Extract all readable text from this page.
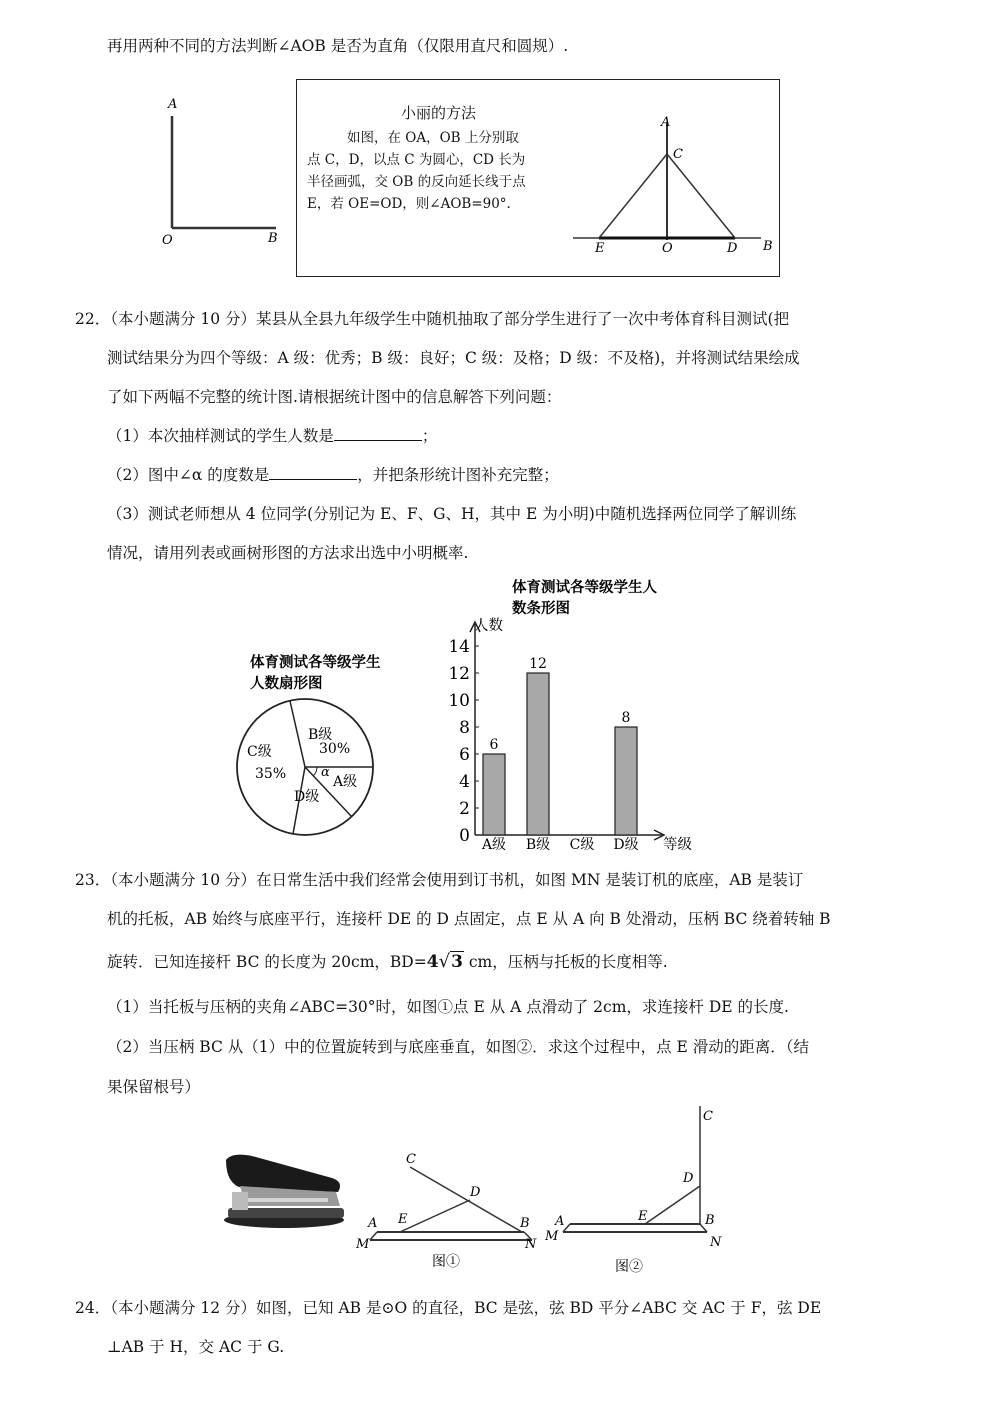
再用两种不同的方法判断∠AOB 是否为直角（仅限用直尺和圆规）.
A
O	B
小丽的方法
如图，在 OA，OB 上分别取
点 C，D，以点 C 为圆心，CD 长为
半径画弧，交 OB 的反向延长线于点
E，若 OE=OD，则∠AOB=90°.
A
C
E	O	D B
22．（本小题满分 10 分）某县从全县九年级学生中随机抽取了部分学生进行了一次中考体育科目测试(把
测试结果分为四个等级：A 级：优秀；B 级：良好；C 级：及格；D 级：不及格)，并将测试结果绘成
了如下两幅不完整的统计图.请根据统计图中的信息解答下列问题：
（1）本次抽样测试的学生人数是	；
（2）图中∠α 的度数是	，并把条形统计图补充完整；
（3）测试老师想从 4 位同学(分别记为 E、F、G、H，其中 E 为小明)中随机选择两位同学了解训练
情况，请用列表或画树形图的方法求出选中小明概率.
体育测试各等级学生
人数扇形图
B级
30%
C级
35%
D级
A级
α
体育测试各等级学生人
数条形图
人数
等级
0
2
4
6
8
10
12
14
6
A级
12
B级 C级
8
D级
23．（本小题满分 10 分）在日常生活中我们经常会使用到订书机，如图 MN 是装订机的底座，AB 是装订
机的托板，AB 始终与底座平行，连接杆 DE 的 D 点固定，点 E 从 A 向 B 处滑动，压柄 BC 绕着转轴 B
旋转．已知连接杆 BC 的长度为 20cm，BD=4√3 cm，压柄与托板的长度相等.
（1）当托板与压柄的夹角∠ABC=30°时，如图①点 E 从 A 点滑动了 2cm，求连接杆 DE 的长度.
（2）当压柄 BC 从（1）中的位置旋转到与底座垂直，如图②．求这个过程中，点 E 滑动的距离．（结
果保留根号）
C
D
E
A	B
M	N
图①
C
D
E
A	B
M	N
图②
24．（本小题满分 12 分）如图，已知 AB 是⊙O 的直径，BC 是弦，弦 BD 平分∠ABC 交 AC 于 F，弦 DE
⊥AB 于 H，交 AC 于 G.
